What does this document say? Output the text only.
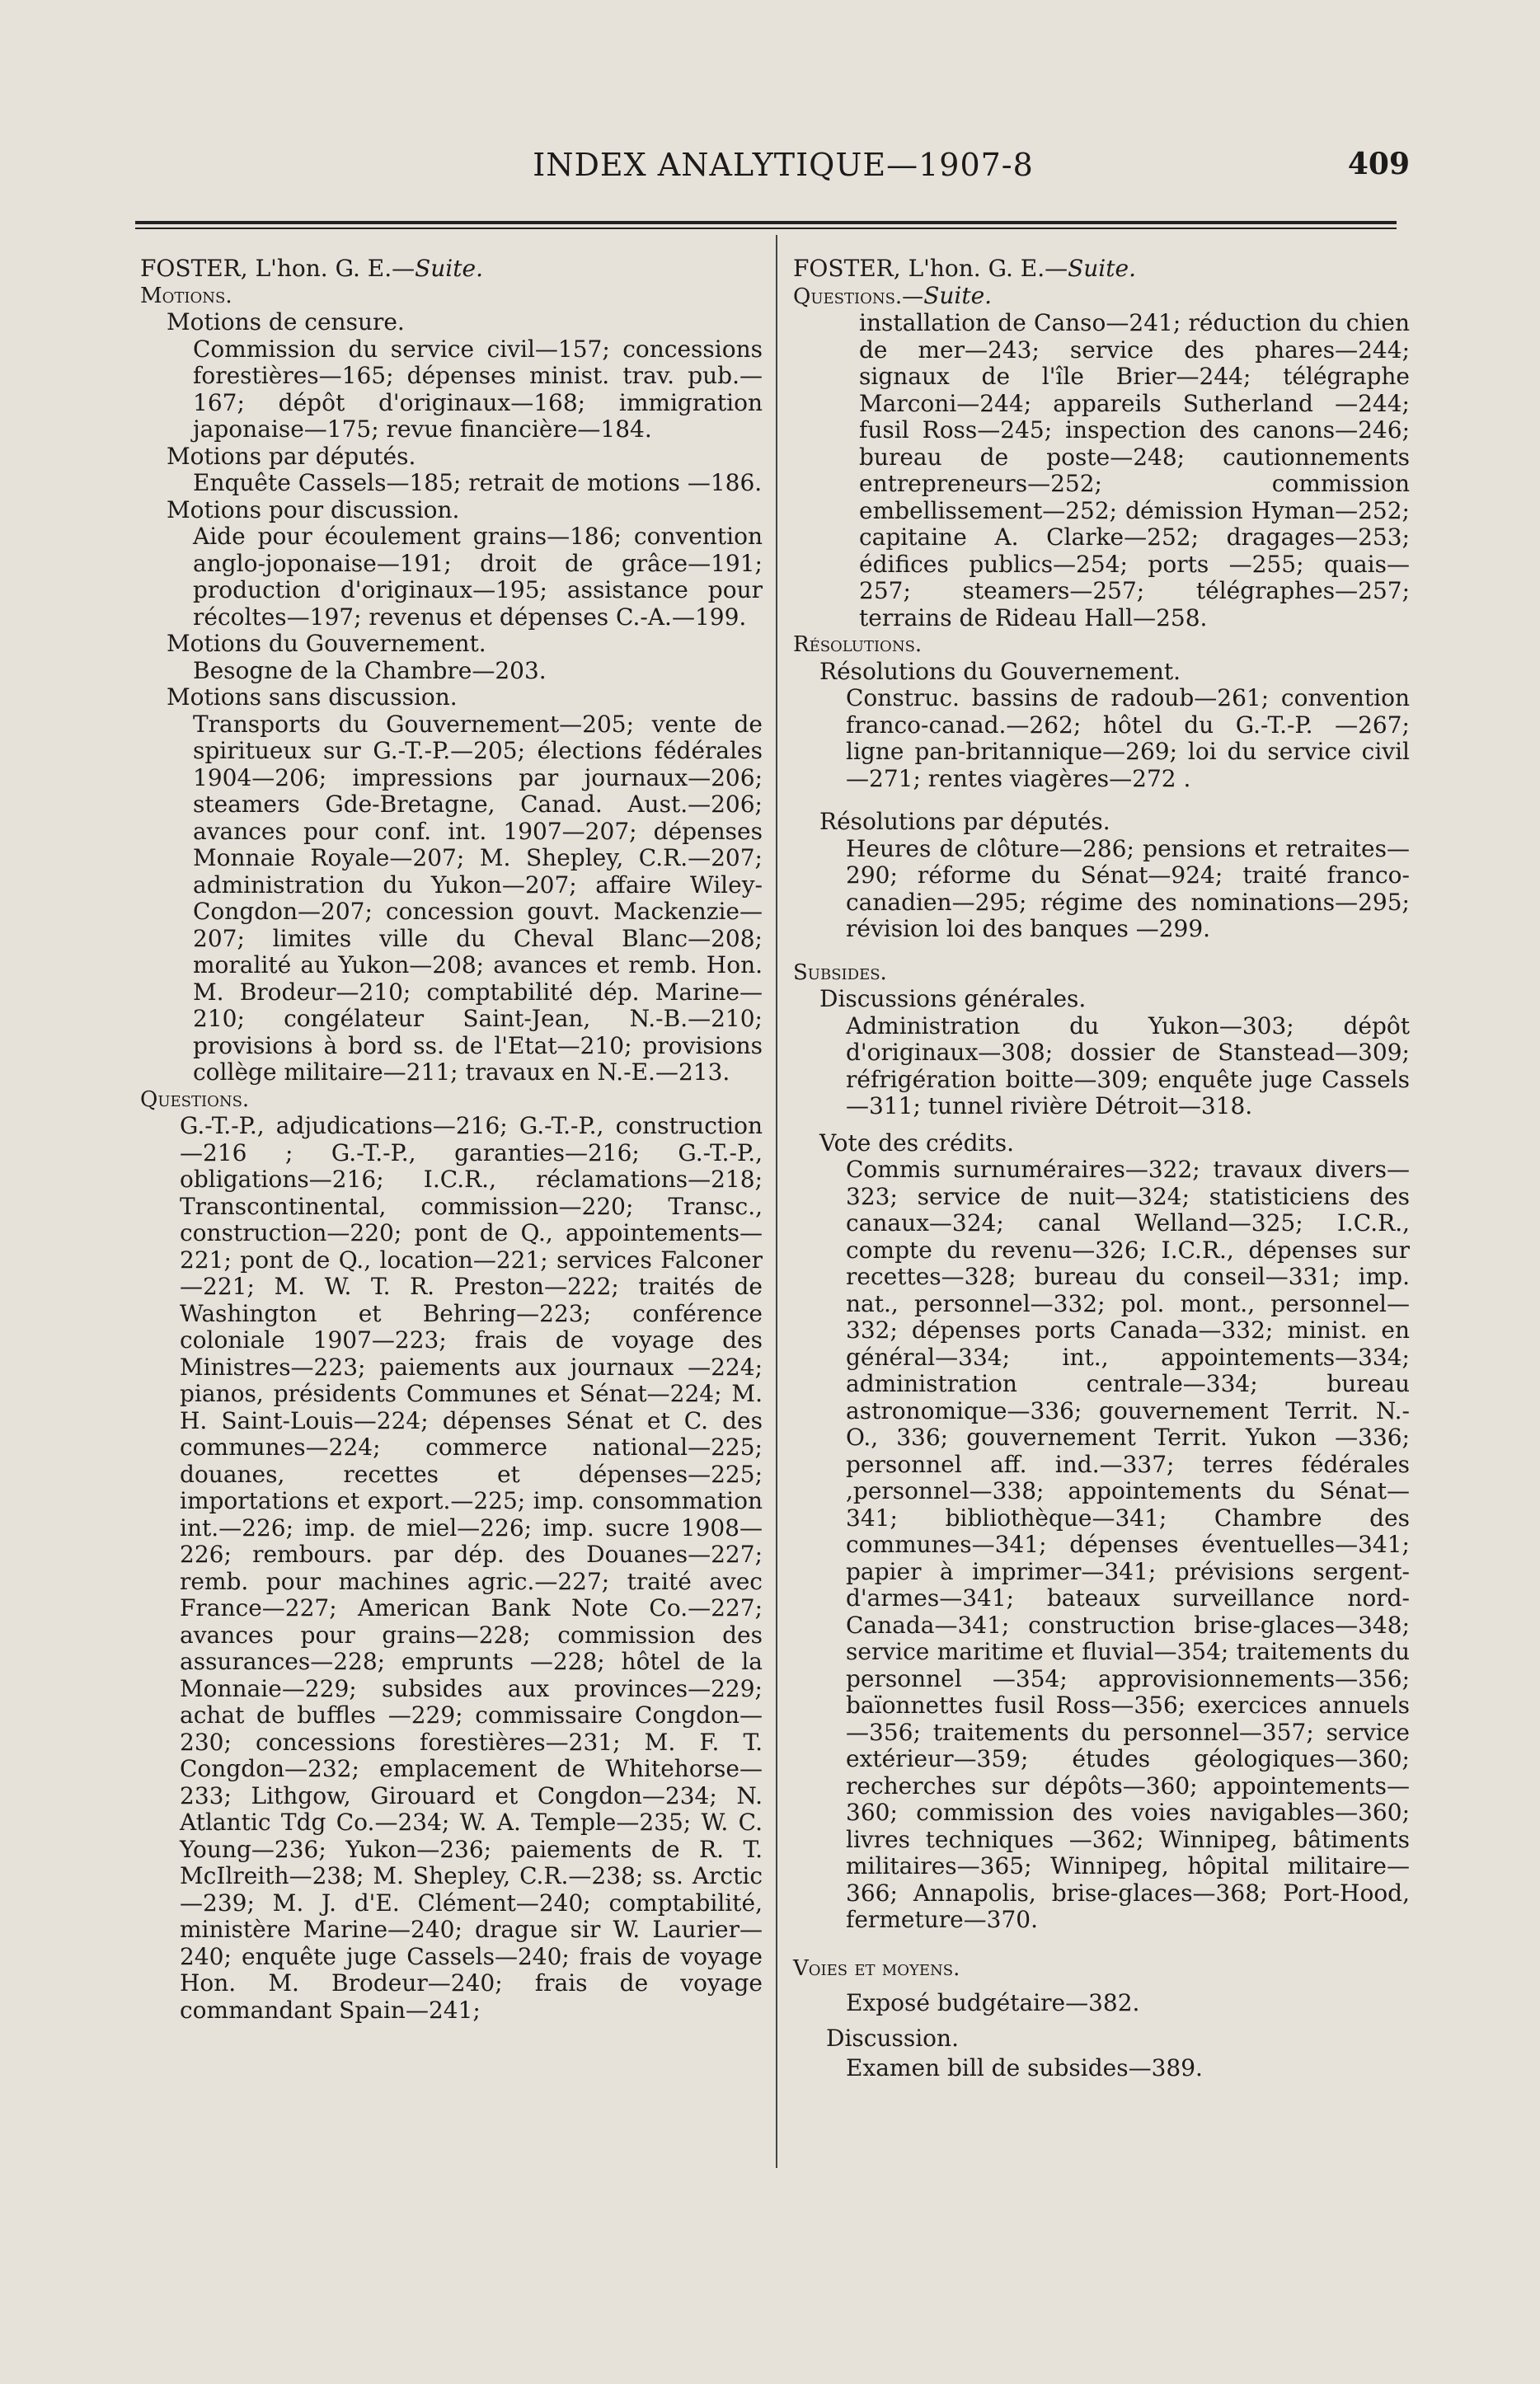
INDEX ANALYTIQUE—1907-8	409

FOSTER, L'hon. G. E.—Suite.

Motions.

Motions de censure.

Commission du service civil—157; concessions forestières—165; dépenses minist. trav. pub.—167; dépôt d'originaux—168; immigration japonaise—175; revue financière—184.

Motions par députés.

Enquête Cassels—185; retrait de motions —186.

Motions pour discussion.

Aide pour écoulement grains—186; convention anglo-joponaise—191; droit de grâce—191; production d'originaux—195; assistance pour récoltes—197; revenus et dépenses C.-A.—199.

Motions du Gouvernement.

Besogne de la Chambre—203.

Motions sans discussion.

Transports du Gouvernement—205; vente de spiritueux sur G.-T.-P.—205; élections fédérales 1904—206; impressions par journaux—206; steamers Gde-Bretagne, Canad. Aust.—206; avances pour conf. int. 1907—207; dépenses Monnaie Royale—207; M. Shepley, C.R.—207; administration du Yukon—207; affaire Wiley-Congdon—207; concession gouvt. Mackenzie—207; limites ville du Cheval Blanc—208; moralité au Yukon—208; avances et remb. Hon. M. Brodeur—210; comptabilité dép. Marine—210; congélateur Saint-Jean, N.-B.—210; provisions à bord ss. de l'Etat—210; provisions collège militaire—211; travaux en N.-E.—213.

Questions.

G.-T.-P., adjudications—216; G.-T.-P., construction—216 ; G.-T.-P., garanties—216; G.-T.-P., obligations—216; I.C.R., réclamations—218; Transcontinental, commission—220; Transc., construction—220; pont de Q., appointements—221; pont de Q., location—221; services Falconer—221; M. W. T. R. Preston—222; traités de Washington et Behring—223; conférence coloniale 1907—223; frais de voyage des Ministres—223; paiements aux journaux —224; pianos, présidents Communes et Sénat—224; M. H. Saint-Louis—224; dépenses Sénat et C. des communes—224; commerce national—225; douanes, recettes et dépenses—225; importations et export.—225; imp. consommation int.—226; imp. de miel—226; imp. sucre 1908—226; rembours. par dép. des Douanes—227; remb. pour machines agric.—227; traité avec France—227; American Bank Note Co.—227; avances pour grains—228; commission des assurances—228; emprunts —228; hôtel de la Monnaie—229; subsides aux provinces—229; achat de buffles —229; commissaire Congdon—230; concessions forestières—231; M. F. T. Congdon—232; emplacement de Whitehorse—233; Lithgow, Girouard et Congdon—234; N. Atlantic Tdg Co.—234; W. A. Temple—235; W. C. Young—236; Yukon—236; paiements de R. T. McIlreith—238; M. Shepley, C.R.—238; ss. Arctic—239; M. J. d'E. Clément—240; comptabilité, ministère Marine—240; drague sir W. Laurier—240; enquête juge Cassels—240; frais de voyage Hon. M. Brodeur—240; frais de voyage commandant Spain—241;

FOSTER, L'hon. G. E.—Suite.

Questions.—Suite.

installation de Canso—241; réduction du chien de mer—243; service des phares—244; signaux de l'île Brier—244; télégraphe Marconi—244; appareils Sutherland —244; fusil Ross—245; inspection des canons—246; bureau de poste—248; cautionnements entrepreneurs—252; commission embellissement—252; démission Hyman—252; capitaine A. Clarke—252; dragages—253; édifices publics—254; ports —255; quais—257; steamers—257; télégraphes—257; terrains de Rideau Hall—258.

Résolutions.

Résolutions du Gouvernement.

Construc. bassins de radoub—261; convention franco-canad.—262; hôtel du G.-T.-P. —267; ligne pan-britannique—269; loi du service civil—271; rentes viagères—272 .

Résolutions par députés.

Heures de clôture—286; pensions et retraites—290; réforme du Sénat—924; traité franco-canadien—295; régime des nominations—295; révision loi des banques —299.

Subsides.

Discussions générales.

Administration du Yukon—303; dépôt d'originaux—308; dossier de Stanstead—309; réfrigération boitte—309; enquête juge Cassels—311; tunnel rivière Détroit—318.

Vote des crédits.

Commis surnuméraires—322; travaux divers—323; service de nuit—324; statisticiens des canaux—324; canal Welland—325; I.C.R., compte du revenu—326; I.C.R., dépenses sur recettes—328; bureau du conseil—331; imp. nat., personnel—332; pol. mont., personnel—332; dépenses ports Canada—332; minist. en général—334; int., appointements—334; administration centrale—334; bureau astronomique—336; gouvernement Territ. N.-O., 336; gouvernement Territ. Yukon —336; personnel aff. ind.—337; terres fédérales ,personnel—338; appointements du Sénat—341; bibliothèque—341; Chambre des communes—341; dépenses éventuelles—341; papier à imprimer—341; prévisions sergent-d'armes—341; bateaux surveillance nord-Canada—341; construction brise-glaces—348; service maritime et fluvial—354; traitements du personnel —354; approvisionnements—356; baïonnettes fusil Ross—356; exercices annuels —356; traitements du personnel—357; service extérieur—359; études géologiques—360; recherches sur dépôts—360; appointements—360; commission des voies navigables—360; livres techniques —362; Winnipeg, bâtiments militaires—365; Winnipeg, hôpital militaire—366; Annapolis, brise-glaces—368; Port-Hood, fermeture—370.

Voies et moyens.

Exposé budgétaire—382.

Discussion.

Examen bill de subsides—389.
